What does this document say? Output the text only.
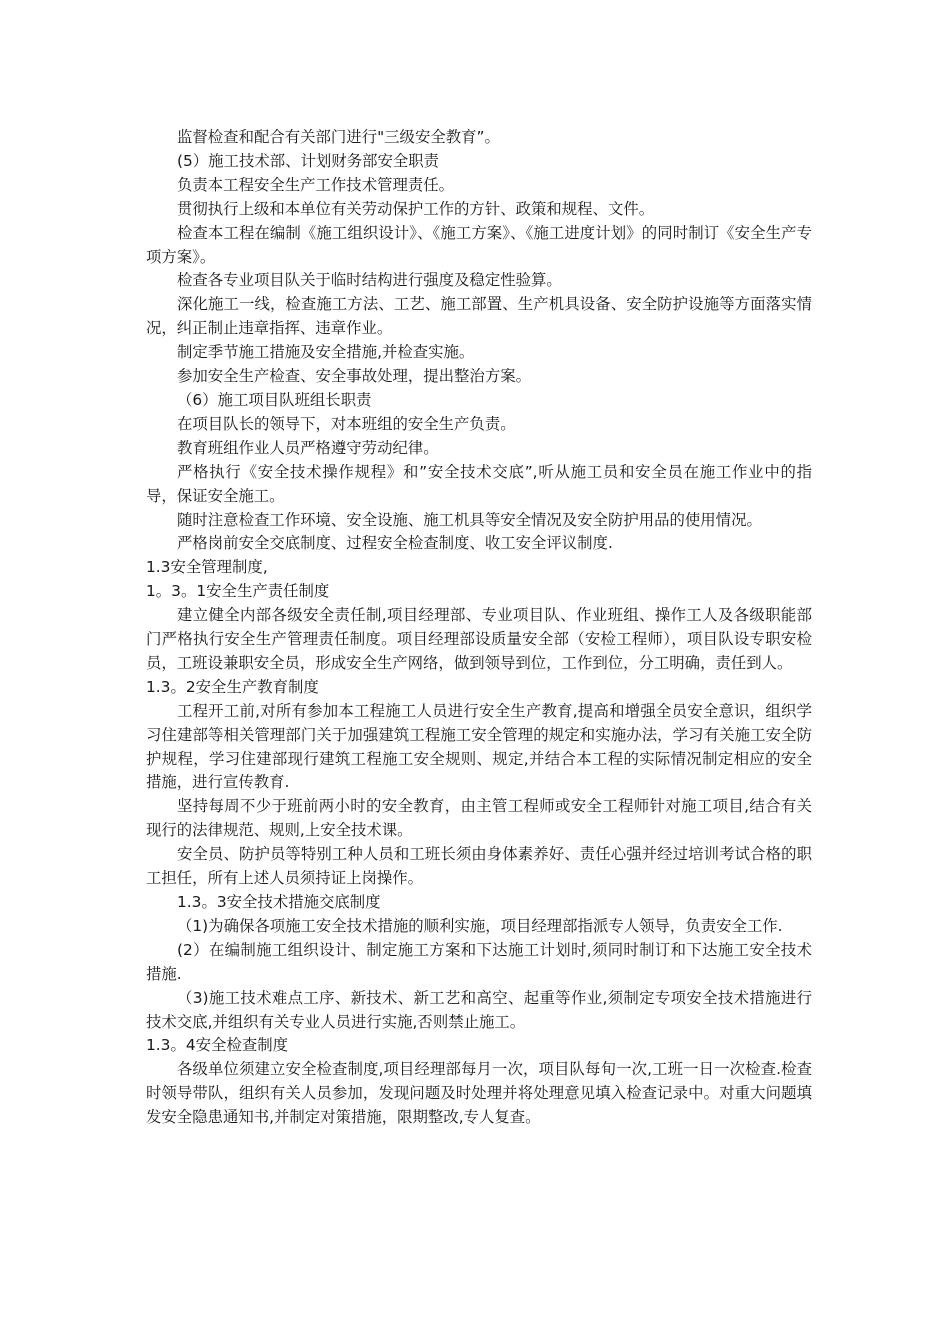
监督检查和配合有关部门进行"三级安全教育”。

(5）施工技术部、计划财务部安全职责

负责本工程安全生产工作技术管理责任。

贯彻执行上级和本单位有关劳动保护工作的方针、政策和规程、文件。

检查本工程在编制《施工组织设计》、《施工方案》、《施工进度计划》的同时制订《安全生产专项方案》。

检查各专业项目队关于临时结构进行强度及稳定性验算。

深化施工一线，检查施工方法、工艺、施工部置、生产机具设备、安全防护设施等方面落实情况，纠正制止违章指挥、违章作业。

制定季节施工措施及安全措施,并检查实施。

参加安全生产检查、安全事故处理，提出整治方案。

（6）施工项目队班组长职责

在项目队长的领导下，对本班组的安全生产负责。

教育班组作业人员严格遵守劳动纪律。

严格执行《安全技术操作规程》和”安全技术交底”,听从施工员和安全员在施工作业中的指导，保证安全施工。

随时注意检查工作环境、安全设施、施工机具等安全情况及安全防护用品的使用情况。

严格岗前安全交底制度、过程安全检查制度、收工安全评议制度.

1.3安全管理制度,

1。3。1安全生产责任制度

建立健全内部各级安全责任制,项目经理部、专业项目队、作业班组、操作工人及各级职能部门严格执行安全生产管理责任制度。项目经理部设质量安全部（安检工程师），项目队设专职安检员，工班设兼职安全员，形成安全生产网络，做到领导到位，工作到位，分工明确，责任到人。

1.3。2安全生产教育制度

工程开工前,对所有参加本工程施工人员进行安全生产教育,提高和增强全员安全意识，组织学习住建部等相关管理部门关于加强建筑工程施工安全管理的规定和实施办法，学习有关施工安全防护规程，学习住建部现行建筑工程施工安全规则、规定,并结合本工程的实际情况制定相应的安全措施，进行宣传教育.

坚持每周不少于班前两小时的安全教育，由主管工程师或安全工程师针对施工项目,结合有关现行的法律规范、规则,上安全技术课。

安全员、防护员等特别工种人员和工班长须由身体素养好、责任心强并经过培训考试合格的职工担任，所有上述人员须持证上岗操作。

1.3。3安全技术措施交底制度

（1)为确保各项施工安全技术措施的顺利实施，项目经理部指派专人领导，负责安全工作.

(2）在编制施工组织设计、制定施工方案和下达施工计划时,须同时制订和下达施工安全技术措施.

（3)施工技术难点工序、新技术、新工艺和高空、起重等作业,须制定专项安全技术措施进行技术交底,并组织有关专业人员进行实施,否则禁止施工。

1.3。4安全检查制度

各级单位须建立安全检查制度,项目经理部每月一次，项目队每旬一次,工班一日一次检查.检查时领导带队，组织有关人员参加，发现问题及时处理并将处理意见填入检查记录中。对重大问题填发安全隐患通知书,并制定对策措施，限期整改,专人复查。
